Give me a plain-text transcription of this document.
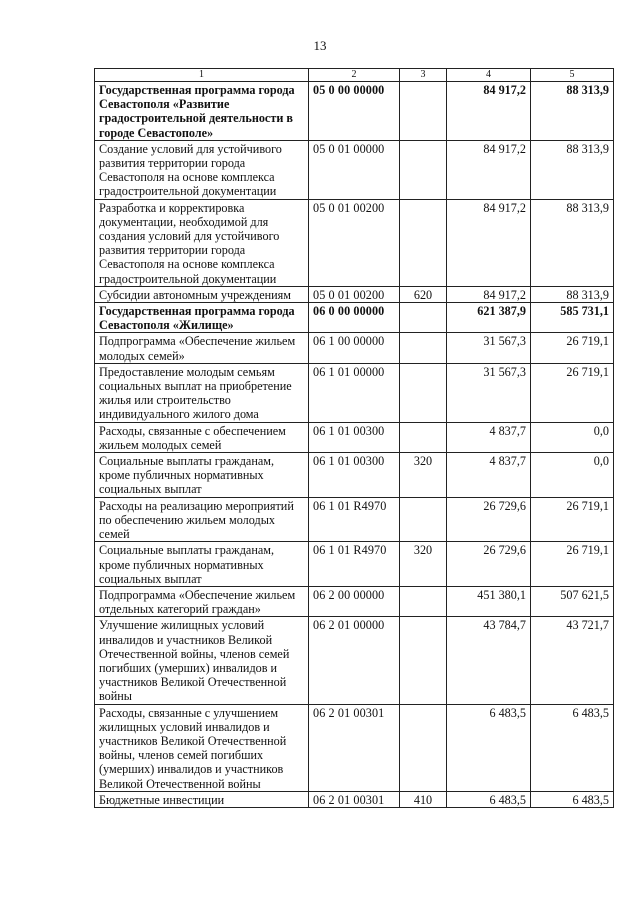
13
1	2	3	4	5
Государственная программа города Севастополя «Развитие градостроительной деятельности в городе Севастополе»	05 0 00 00000		84 917,2	88 313,9
Создание условий для устойчивого развития территории города Севастополя на основе комплекса градостроительной документации	05 0 01 00000		84 917,2	88 313,9
Разработка и корректировка документации, необходимой для создания условий для устойчивого развития территории города Севастополя на основе комплекса градостроительной документации	05 0 01 00200		84 917,2	88 313,9
Субсидии автономным учреждениям	05 0 01 00200	620	84 917,2	88 313,9
Государственная программа города Севастополя «Жилище»	06 0 00 00000		621 387,9	585 731,1
Подпрограмма «Обеспечение жильем молодых семей»	06 1 00 00000		31 567,3	26 719,1
Предоставление молодым семьям социальных выплат на приобретение жилья или строительство индивидуального жилого дома	06 1 01 00000		31 567,3	26 719,1
Расходы, связанные с обеспечением жильем молодых семей	06 1 01 00300		4 837,7	0,0
Социальные выплаты гражданам, кроме публичных нормативных социальных выплат	06 1 01 00300	320	4 837,7	0,0
Расходы на реализацию мероприятий по обеспечению жильем молодых семей	06 1 01 R4970		26 729,6	26 719,1
Социальные выплаты гражданам, кроме публичных нормативных социальных выплат	06 1 01 R4970	320	26 729,6	26 719,1
Подпрограмма «Обеспечение жильем отдельных категорий граждан»	06 2 00 00000		451 380,1	507 621,5
Улучшение жилищных условий инвалидов и участников Великой Отечественной войны, членов семей погибших (умерших) инвалидов и участников Великой Отечественной войны	06 2 01 00000		43 784,7	43 721,7
Расходы, связанные с улучшением жилищных условий инвалидов и участников Великой Отечественной войны, членов семей погибших (умерших) инвалидов и участников Великой Отечественной войны	06 2 01 00301		6 483,5	6 483,5
Бюджетные инвестиции	06 2 01 00301	410	6 483,5	6 483,5
